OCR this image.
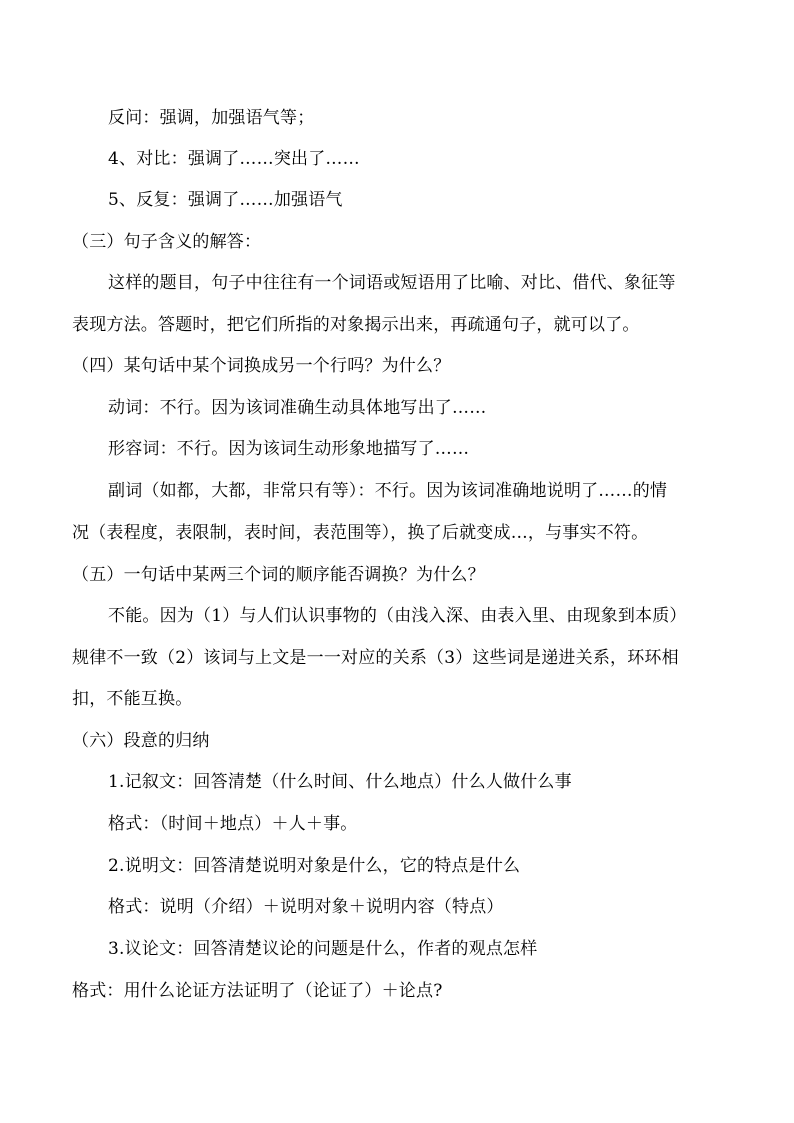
反问：强调，加强语气等；
4、对比：强调了……突出了……
5、反复：强调了……加强语气
（三）句子含义的解答：
这样的题目，句子中往往有一个词语或短语用了比喻、对比、借代、象征等
表现方法。答题时，把它们所指的对象揭示出来，再疏通句子，就可以了。
（四）某句话中某个词换成另一个行吗？为什么？
动词：不行。因为该词准确生动具体地写出了……
形容词：不行。因为该词生动形象地描写了……
副词（如都，大都，非常只有等）：不行。因为该词准确地说明了……的情
况（表程度，表限制，表时间，表范围等），换了后就变成…，与事实不符。
（五）一句话中某两三个词的顺序能否调换？为什么？
不能。因为（1）与人们认识事物的（由浅入深、由表入里、由现象到本质）
规律不一致（2）该词与上文是一一对应的关系（3）这些词是递进关系，环环相
扣，不能互换。
（六）段意的归纳
1.记叙文：回答清楚（什么时间、什么地点）什么人做什么事
格式：（时间＋地点）＋人＋事。
2.说明文：回答清楚说明对象是什么，它的特点是什么
格式：说明（介绍）＋说明对象＋说明内容（特点）
3.议论文：回答清楚议论的问题是什么，作者的观点怎样
格式：用什么论证方法证明了（论证了）＋论点?
